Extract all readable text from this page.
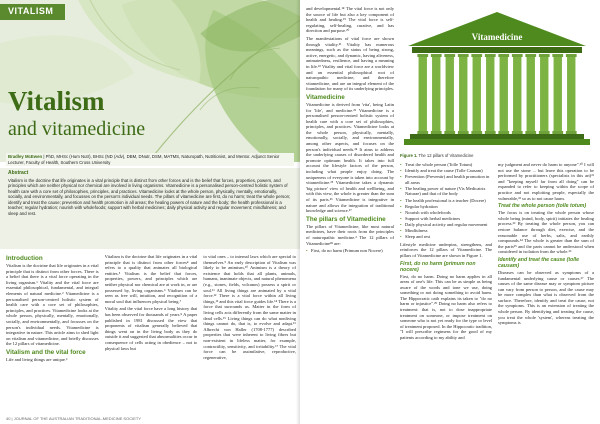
VITALISM
Vitalism
and vitamedicine
Bradley McEwen | PhD, MHSc (Hum Nutr), BHSc (ND (Adv), DBM, DNutr, DSM, MATMS, Naturopath, Nutritionist, and Mentor. Adjunct Senior Lecturer, Faculty of Health, Southern Cross University
Abstract
Vitalism is the doctrine that life originates in a vital principle that is distinct from other forces and is the belief that forces, properties, powers, and principles which are neither physical nor chemical are involved in living organisms. Vitamedicine is a personalised person-centred holistic system of health care with a core set of philosophies, principles, and practices. Vitamedicine looks at the whole person, physically, mentally, emotionally, socially, and environmentally, and focusses on the person's individual needs. The pillars of vitamedicine are first, do no harm; treat the whole person; identify and treat the cause; prevention and health promotion in all areas; the healing powers of nature and the body; the health professional is a teacher; regular hydration; nourish with wholefoods; support with herbal medicines; daily physical activity and regular movement; mindfulness; and sleep and rest.
Introduction

Vitalism is the doctrine that life originates in a vital principle that is distinct from other forces. There is a belief that there is a vital force operating in the living organism.¹ Vitality and the vital force are essential philosophical, fundamental, and integral elements of natural medicine.² Vitamedicine is a personalised person-centred holistic system of health care with a core set of philosophies, principles, and practices. Vitamedicine looks at the whole person, physically, mentally, emotionally, socially, and environmentally, and focusses on the person's individual needs. Vitamedicine is integrative in nature. This article aims to shed light on vitalism and vitamedicine, and briefly discusses the 12 pillars of vitamedicine.

Vitalism and the vital force

Life and living things are unique.³

Vitalism is the doctrine that life originates in a vital principle that is distinct from other forces⁴ and refers to a quality that animates all biological entities.⁵ Vitalism is the belief that forces, properties, powers, and principles which are neither physical nor chemical are at work in, or are possessed by, living organisms.⁶ Vitalism can be seen as free will, intuition, and recognition of a moral soul that influences physical being.⁷

Vitality and the vital force have a long history that has been observed for thousands of years.⁸ A paper published in 1981 discussed the view that proponents of vitalism generally believed that things went on in the living body as they do outside it and suggested that abnormalities occur in consequence of cells acting in obedience – not to physical laws but

to vital ones – to internal laws which are special to themselves.⁹ An early description of Vitalism was likely to be animism,¹⁰ Animism is a theory of existence that holds that all plants, animals, humans, inanimate objects, and natural phenomena (e.g., stones, fields, volcanos) possess a spirit or soul.¹¹ All living things are animated by a vital force.¹² There is a vital force within all living things,¹³ and this vital force guides life.¹⁴ There is a force that surrounds us. Matter in the form of living cells acts differently from the same matter in dead cells.¹⁵ Living things can do what nonliving things cannot do, that is, to evolve and adapt.¹⁶ Albrecht von Haller (1708-1777) described properties that were inherent to living fibres but non-existent in lifeless matter, for example, contractility, sensitivity, and irritability.¹⁷ The vital force can be assimilative, reproductive, regenerative,

40 | JOURNAL OF THE AUSTRALIAN TRADITIONAL-MEDICINE SOCIETY

and developmental.¹⁸ The vital force is not only the source of life but also a key component of health and healing.¹⁹ The vital force is self-regulating, self-healing, curative, and has direction and purpose.²⁰

The manifestations of vital force are shown through vitality.²¹ Vitality has numerous meanings, such as the status of being strong, active, energetic, and dynamic, having aliveness, animatedness, resilience, and having a meaning in life.²² Vitality and vital force are a worldview and an essential philosophical root of naturopathic medicine, and therefore vitamedicine, and are an integral element of the foundation for many of its underlying principles.

Vitamedicine

Vitamedicine is derived from 'vita', being Latin for 'life', and medicine.²³ Vitamedicine is a personalised person-centred holistic system of health care with a core set of philosophies, principles, and practices. Vitamedicine looks at the whole person, physically, mentally, emotionally, socially, and environmentally, among other aspects, and focuses on the person's individual needs.²⁴ It aims to address the underlying causes of disordered health and promote optimum health. It takes into full account the lifestyle factors of the person, including what people enjoy doing. The uniqueness of everyone is taken into account by vitamedicine.²⁵ Vitamedicine takes a dynamic 'big picture' view of health and wellbeing, and with this view, the whole is greater than the sum of its parts.²⁶ Vitamedicine is integrative in nature and allows the integration of traditional knowledge and science.²⁷

The pillars of Vitamedicine

The pillars of Vitamedicine, like most natural medicines, have their roots from the principles of naturopathic medicine.² The 12 pillars of Vitamedicine²⁸ are:

• First, do no harm (Primum non Nocere)
Vitamedicine
Figure 1. The 12 pillars of Vitamedicine
• Treat the whole person (Tolle Totum)
• Identify and treat the cause (Tolle Causam)
• Prevention (Preventir) and health promotion in all areas
• The healing power of nature (Vis Medicatrix Naturae) and that of the body
• The health professional is a teacher (Docere)
• Regular hydration
• Nourish with wholefoods
• Support with herbal medicines
• Daily physical activity and regular movement
• Mindfulness
• Sleep and rest

Lifestyle medicine underpins, strengthens, and reinforces the 12 pillars of Vitamedicine. The pillars of Vitamedicine are shown in Figure 1.

First, do no harm (primum non nocere)

First, do no harm. Doing no harm applies in all areas of one's life. This can be as simple as being aware of the words and tone we use, doing something or not doing something to avoid harm. The Hippocratic oath explains its taken to "do no harm or injustice".²⁹ Doing no harm also refers to treatment: that is, not to dose inappropriate treatment on someone, or impose treatment on someone who is not yet ready for the type or level of treatment proposed. In the Hippocratic tradition, "I will prescribe regimens for the good of my patients according to my ability and

my judgment and never do harm to anyone".³⁰ I will not use the stone ... but leave this operation to be performed by practitioners (specialists in this art)³¹ and "keeping myself far from all doing" can be expanded to refer to keeping within the scope of practice and not exploiting people, especially the vulnerable,³² so as to not cause harm.

Treat the whole person (tolle totum)

The focus is on treating the whole person whose whole being (mind, body, spirit) initiates the healing process.³³ By treating the whole person, you can restore balance through diet, exercise, and the reasonable use of herbs, salts, and earthly compounds.³⁴ The whole is greater than the sum of the parts³⁵ and the parts cannot be understood when considered in isolation from the whole.³⁶

Identify and treat the cause (tolle causam)

Diseases can be observed as symptoms of a fundamental underlying cause or causes.³⁷ The causes of the same disease may or symptom picture can vary from person to person, and the cause may be more complex than what is observed from the surface. Therefore, identify and treat the cause, not the symptoms. This is an extension of treating the whole person. By identifying and treating the cause, you treat the whole 'system', whereas treating the symptoms is
